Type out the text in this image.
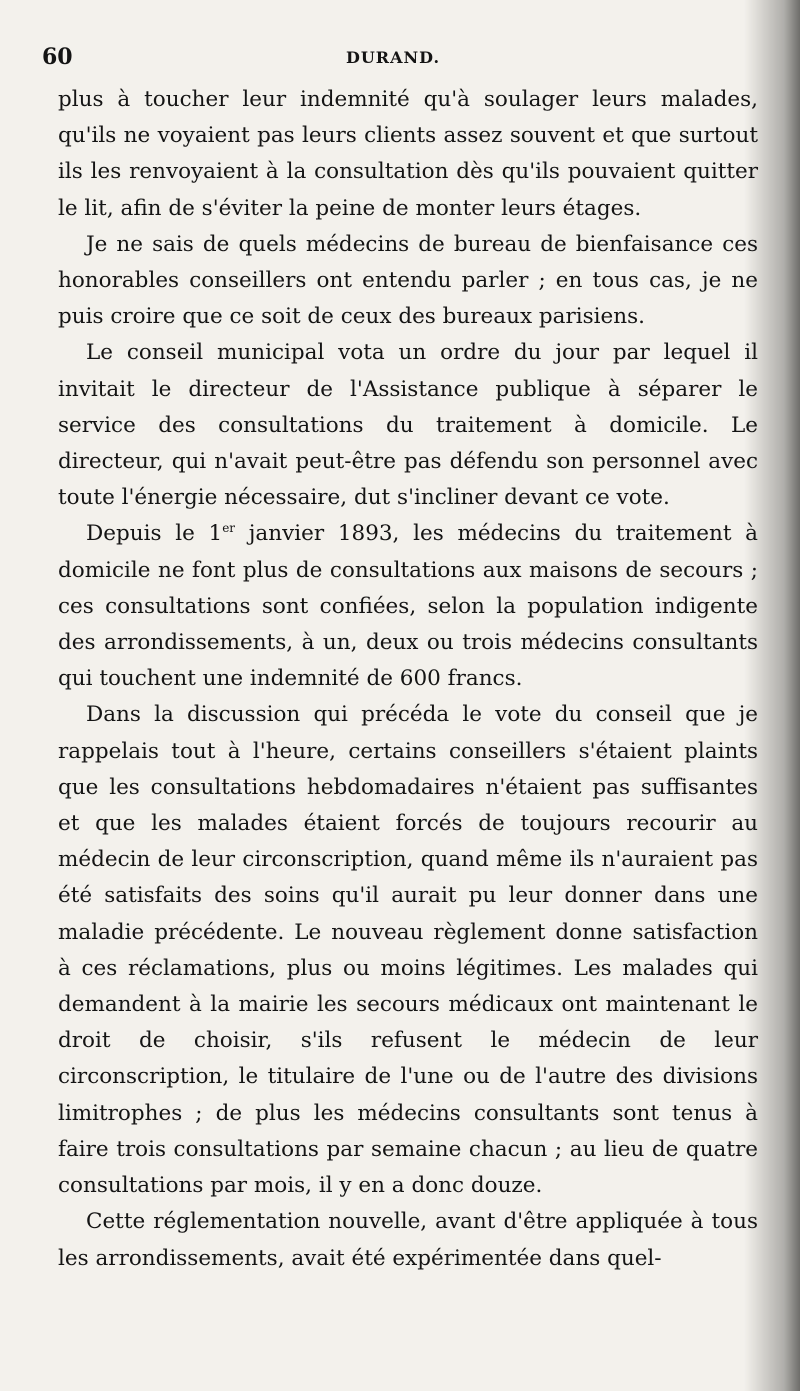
60	DURAND.

plus à toucher leur indemnité qu'à soulager leurs malades, qu'ils ne voyaient pas leurs clients assez souvent et que surtout ils les renvoyaient à la consultation dès qu'ils pouvaient quitter le lit, afin de s'éviter la peine de monter leurs étages.

Je ne sais de quels médecins de bureau de bienfaisance ces honorables conseillers ont entendu parler ; en tous cas, je ne puis croire que ce soit de ceux des bureaux parisiens.

Le conseil municipal vota un ordre du jour par lequel il invitait le directeur de l'Assistance publique à séparer le service des consultations du traitement à domicile. Le directeur, qui n'avait peut-être pas défendu son personnel avec toute l'énergie nécessaire, dut s'incliner devant ce vote.

Depuis le 1er janvier 1893, les médecins du traitement à domicile ne font plus de consultations aux maisons de secours ; ces consultations sont confiées, selon la population indigente des arrondissements, à un, deux ou trois médecins consultants qui touchent une indemnité de 600 francs.

Dans la discussion qui précéda le vote du conseil que je rappelais tout à l'heure, certains conseillers s'étaient plaints que les consultations hebdomadaires n'étaient pas suffisantes et que les malades étaient forcés de toujours recourir au médecin de leur circonscription, quand même ils n'auraient pas été satisfaits des soins qu'il aurait pu leur donner dans une maladie précédente. Le nouveau règlement donne satisfaction à ces réclamations, plus ou moins légitimes. Les malades qui demandent à la mairie les secours médicaux ont maintenant le droit de choisir, s'ils refusent le médecin de leur circonscription, le titulaire de l'une ou de l'autre des divisions limitrophes ; de plus les médecins consultants sont tenus à faire trois consultations par semaine chacun ; au lieu de quatre consultations par mois, il y en a donc douze.

Cette réglementation nouvelle, avant d'être appliquée à tous les arrondissements, avait été expérimentée dans quel-
